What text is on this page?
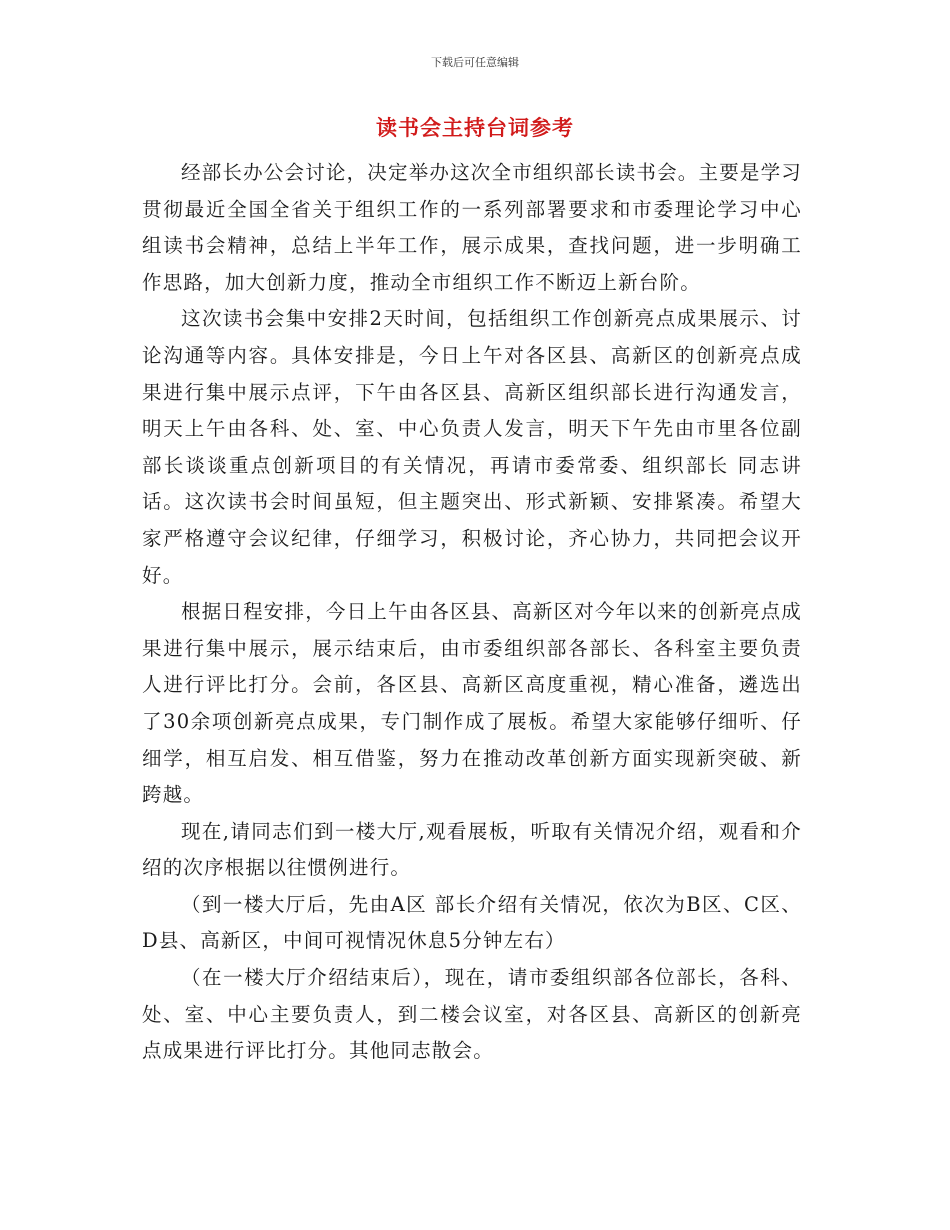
下载后可任意编辑
读书会主持台词参考

经部长办公会讨论，决定举办这次全市组织部长读书会。主要是学习贯彻最近全国全省关于组织工作的一系列部署要求和市委理论学习中心组读书会精神，总结上半年工作，展示成果，查找问题，进一步明确工作思路，加大创新力度，推动全市组织工作不断迈上新台阶。

这次读书会集中安排2天时间，包括组织工作创新亮点成果展示、讨论沟通等内容。具体安排是，今日上午对各区县、高新区的创新亮点成果进行集中展示点评，下午由各区县、高新区组织部长进行沟通发言，明天上午由各科、处、室、中心负责人发言，明天下午先由市里各位副部长谈谈重点创新项目的有关情况，再请市委常委、组织部长 同志讲话。这次读书会时间虽短，但主题突出、形式新颖、安排紧凑。希望大家严格遵守会议纪律，仔细学习，积极讨论，齐心协力，共同把会议开好。

根据日程安排，今日上午由各区县、高新区对今年以来的创新亮点成果进行集中展示，展示结束后，由市委组织部各部长、各科室主要负责人进行评比打分。会前，各区县、高新区高度重视，精心准备，遴选出了30余项创新亮点成果，专门制作成了展板。希望大家能够仔细听、仔细学，相互启发、相互借鉴，努力在推动改革创新方面实现新突破、新跨越。

现在,请同志们到一楼大厅,观看展板，听取有关情况介绍，观看和介绍的次序根据以往惯例进行。

（到一楼大厅后，先由A区 部长介绍有关情况，依次为B区、C区、D县、高新区，中间可视情况休息5分钟左右）

（在一楼大厅介绍结束后），现在，请市委组织部各位部长，各科、处、室、中心主要负责人，到二楼会议室，对各区县、高新区的创新亮点成果进行评比打分。其他同志散会。
